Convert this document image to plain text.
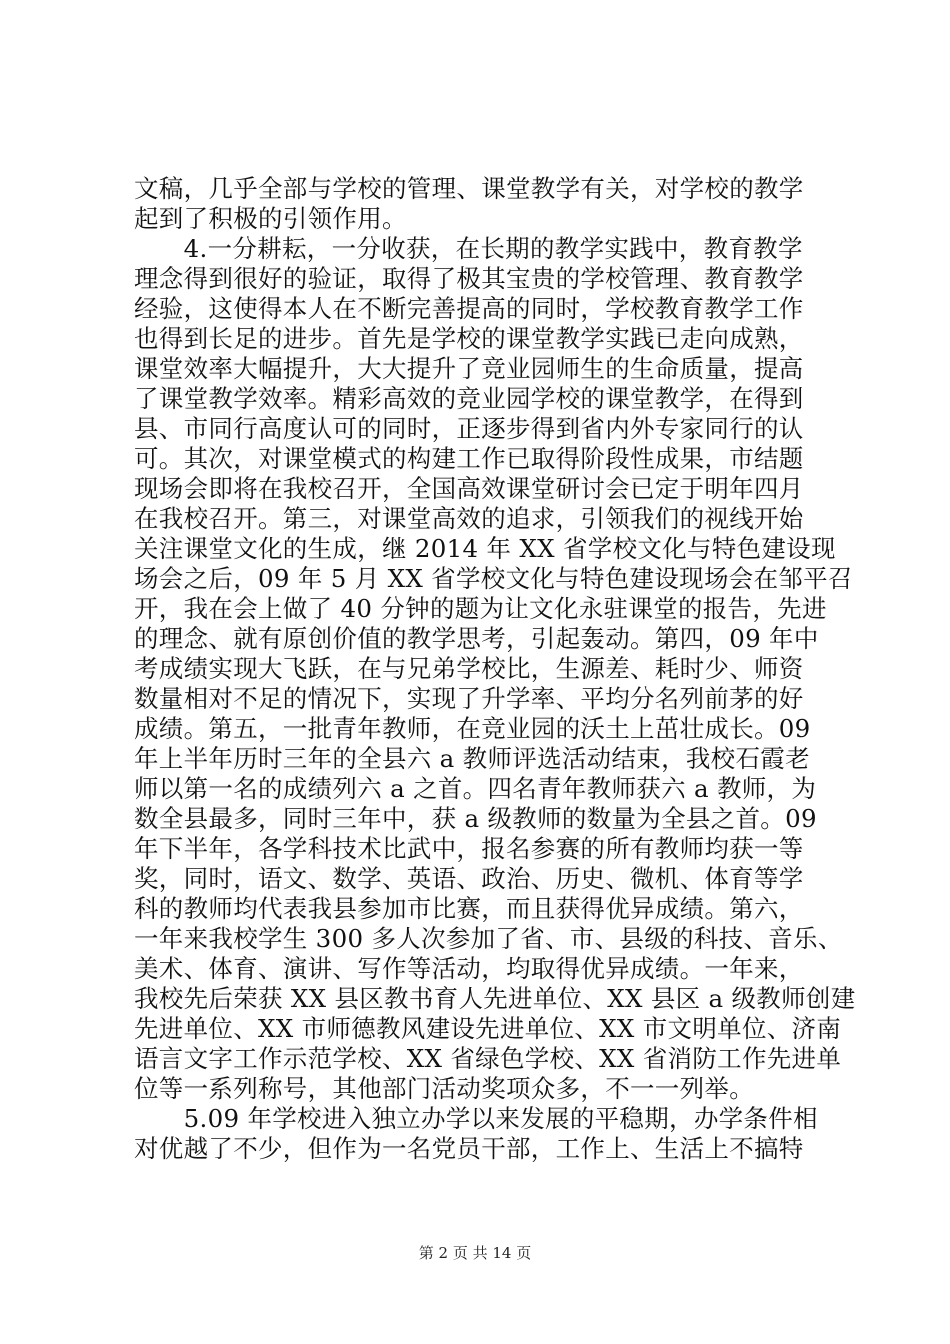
文稿，几乎全部与学校的管理、课堂教学有关，对学校的教学
起到了积极的引领作用。
　　4.一分耕耘，一分收获，在长期的教学实践中，教育教学
理念得到很好的验证，取得了极其宝贵的学校管理、教育教学
经验，这使得本人在不断完善提高的同时，学校教育教学工作
也得到长足的进步。首先是学校的课堂教学实践已走向成熟，
课堂效率大幅提升，大大提升了竞业园师生的生命质量，提高
了课堂教学效率。精彩高效的竞业园学校的课堂教学，在得到
县、市同行高度认可的同时，正逐步得到省内外专家同行的认
可。其次，对课堂模式的构建工作已取得阶段性成果，市结题
现场会即将在我校召开，全国高效课堂研讨会已定于明年四月
在我校召开。第三，对课堂高效的追求，引领我们的视线开始
关注课堂文化的生成，继 2014 年 XX 省学校文化与特色建设现
场会之后，09 年 5 月 XX 省学校文化与特色建设现场会在邹平召
开，我在会上做了 40 分钟的题为让文化永驻课堂的报告，先进
的理念、就有原创价值的教学思考，引起轰动。第四，09 年中
考成绩实现大飞跃，在与兄弟学校比，生源差、耗时少、师资
数量相对不足的情况下，实现了升学率、平均分名列前茅的好
成绩。第五，一批青年教师，在竞业园的沃土上茁壮成长。09
年上半年历时三年的全县六 a 教师评选活动结束，我校石霞老
师以第一名的成绩列六 a 之首。四名青年教师获六 a 教师，为
数全县最多，同时三年中，获 a 级教师的数量为全县之首。09
年下半年，各学科技术比武中，报名参赛的所有教师均获一等
奖，同时，语文、数学、英语、政治、历史、微机、体育等学
科的教师均代表我县参加市比赛，而且获得优异成绩。第六，
一年来我校学生 300 多人次参加了省、市、县级的科技、音乐、
美术、体育、演讲、写作等活动，均取得优异成绩。一年来，
我校先后荣获 XX 县区教书育人先进单位、XX 县区 a 级教师创建
先进单位、XX 市师德教风建设先进单位、XX 市文明单位、济南
语言文字工作示范学校、XX 省绿色学校、XX 省消防工作先进单
位等一系列称号，其他部门活动奖项众多，不一一列举。
　　5.09 年学校进入独立办学以来发展的平稳期，办学条件相
对优越了不少，但作为一名党员干部，工作上、生活上不搞特
第 2 页 共 14 页
